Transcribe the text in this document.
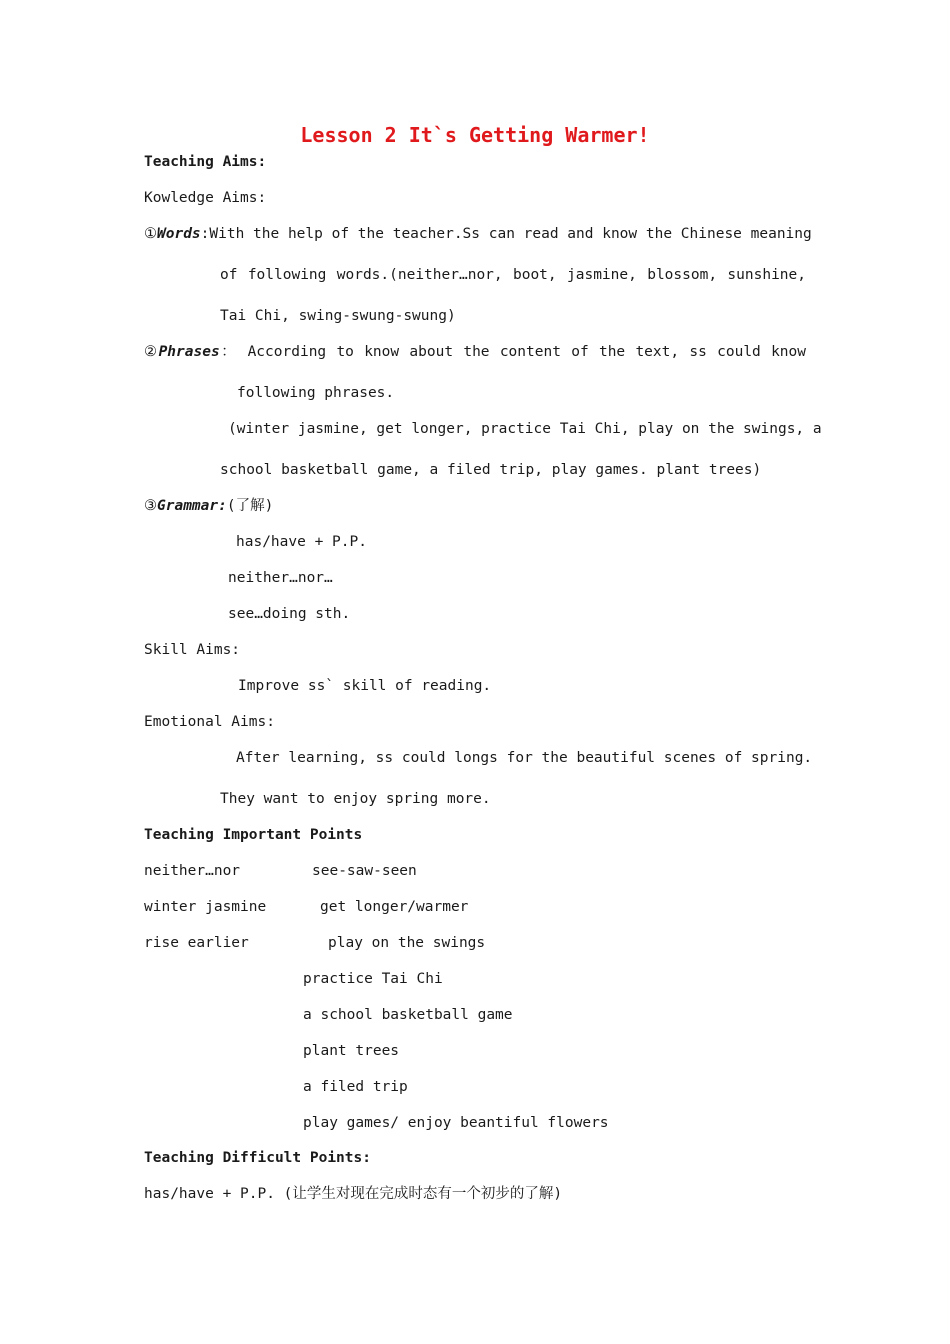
Lesson 2 It`s Getting Warmer!
Teaching Aims:
Kowledge Aims:
①Words:With the help of the teacher.Ss can read and know the Chinese meaning
of following words.(neither…nor, boot, jasmine, blossom, sunshine,
Tai Chi, swing-swung-swung)
②Phrases： According to know about the content of the text, ss could know
following phrases.
(winter jasmine, get longer, practice Tai Chi, play on the swings, a
school basketball game, a filed trip, play games. plant trees)
③Grammar:(了解)
has/have + P.P.
neither…nor…
see…doing sth.
Skill Aims:
Improve ss` skill of reading.
Emotional Aims:
After learning, ss could longs for the beautiful scenes of spring.
They want to enjoy spring more.
Teaching Important Points
neither…nor	see-saw-seen
winter jasmine	get longer/warmer
rise earlier	play on the swings
practice Tai Chi
a school basketball game
plant trees
a filed trip
play games/ enjoy beantiful flowers
Teaching Difficult Points:
has/have + P.P. (让学生对现在完成时态有一个初步的了解)
